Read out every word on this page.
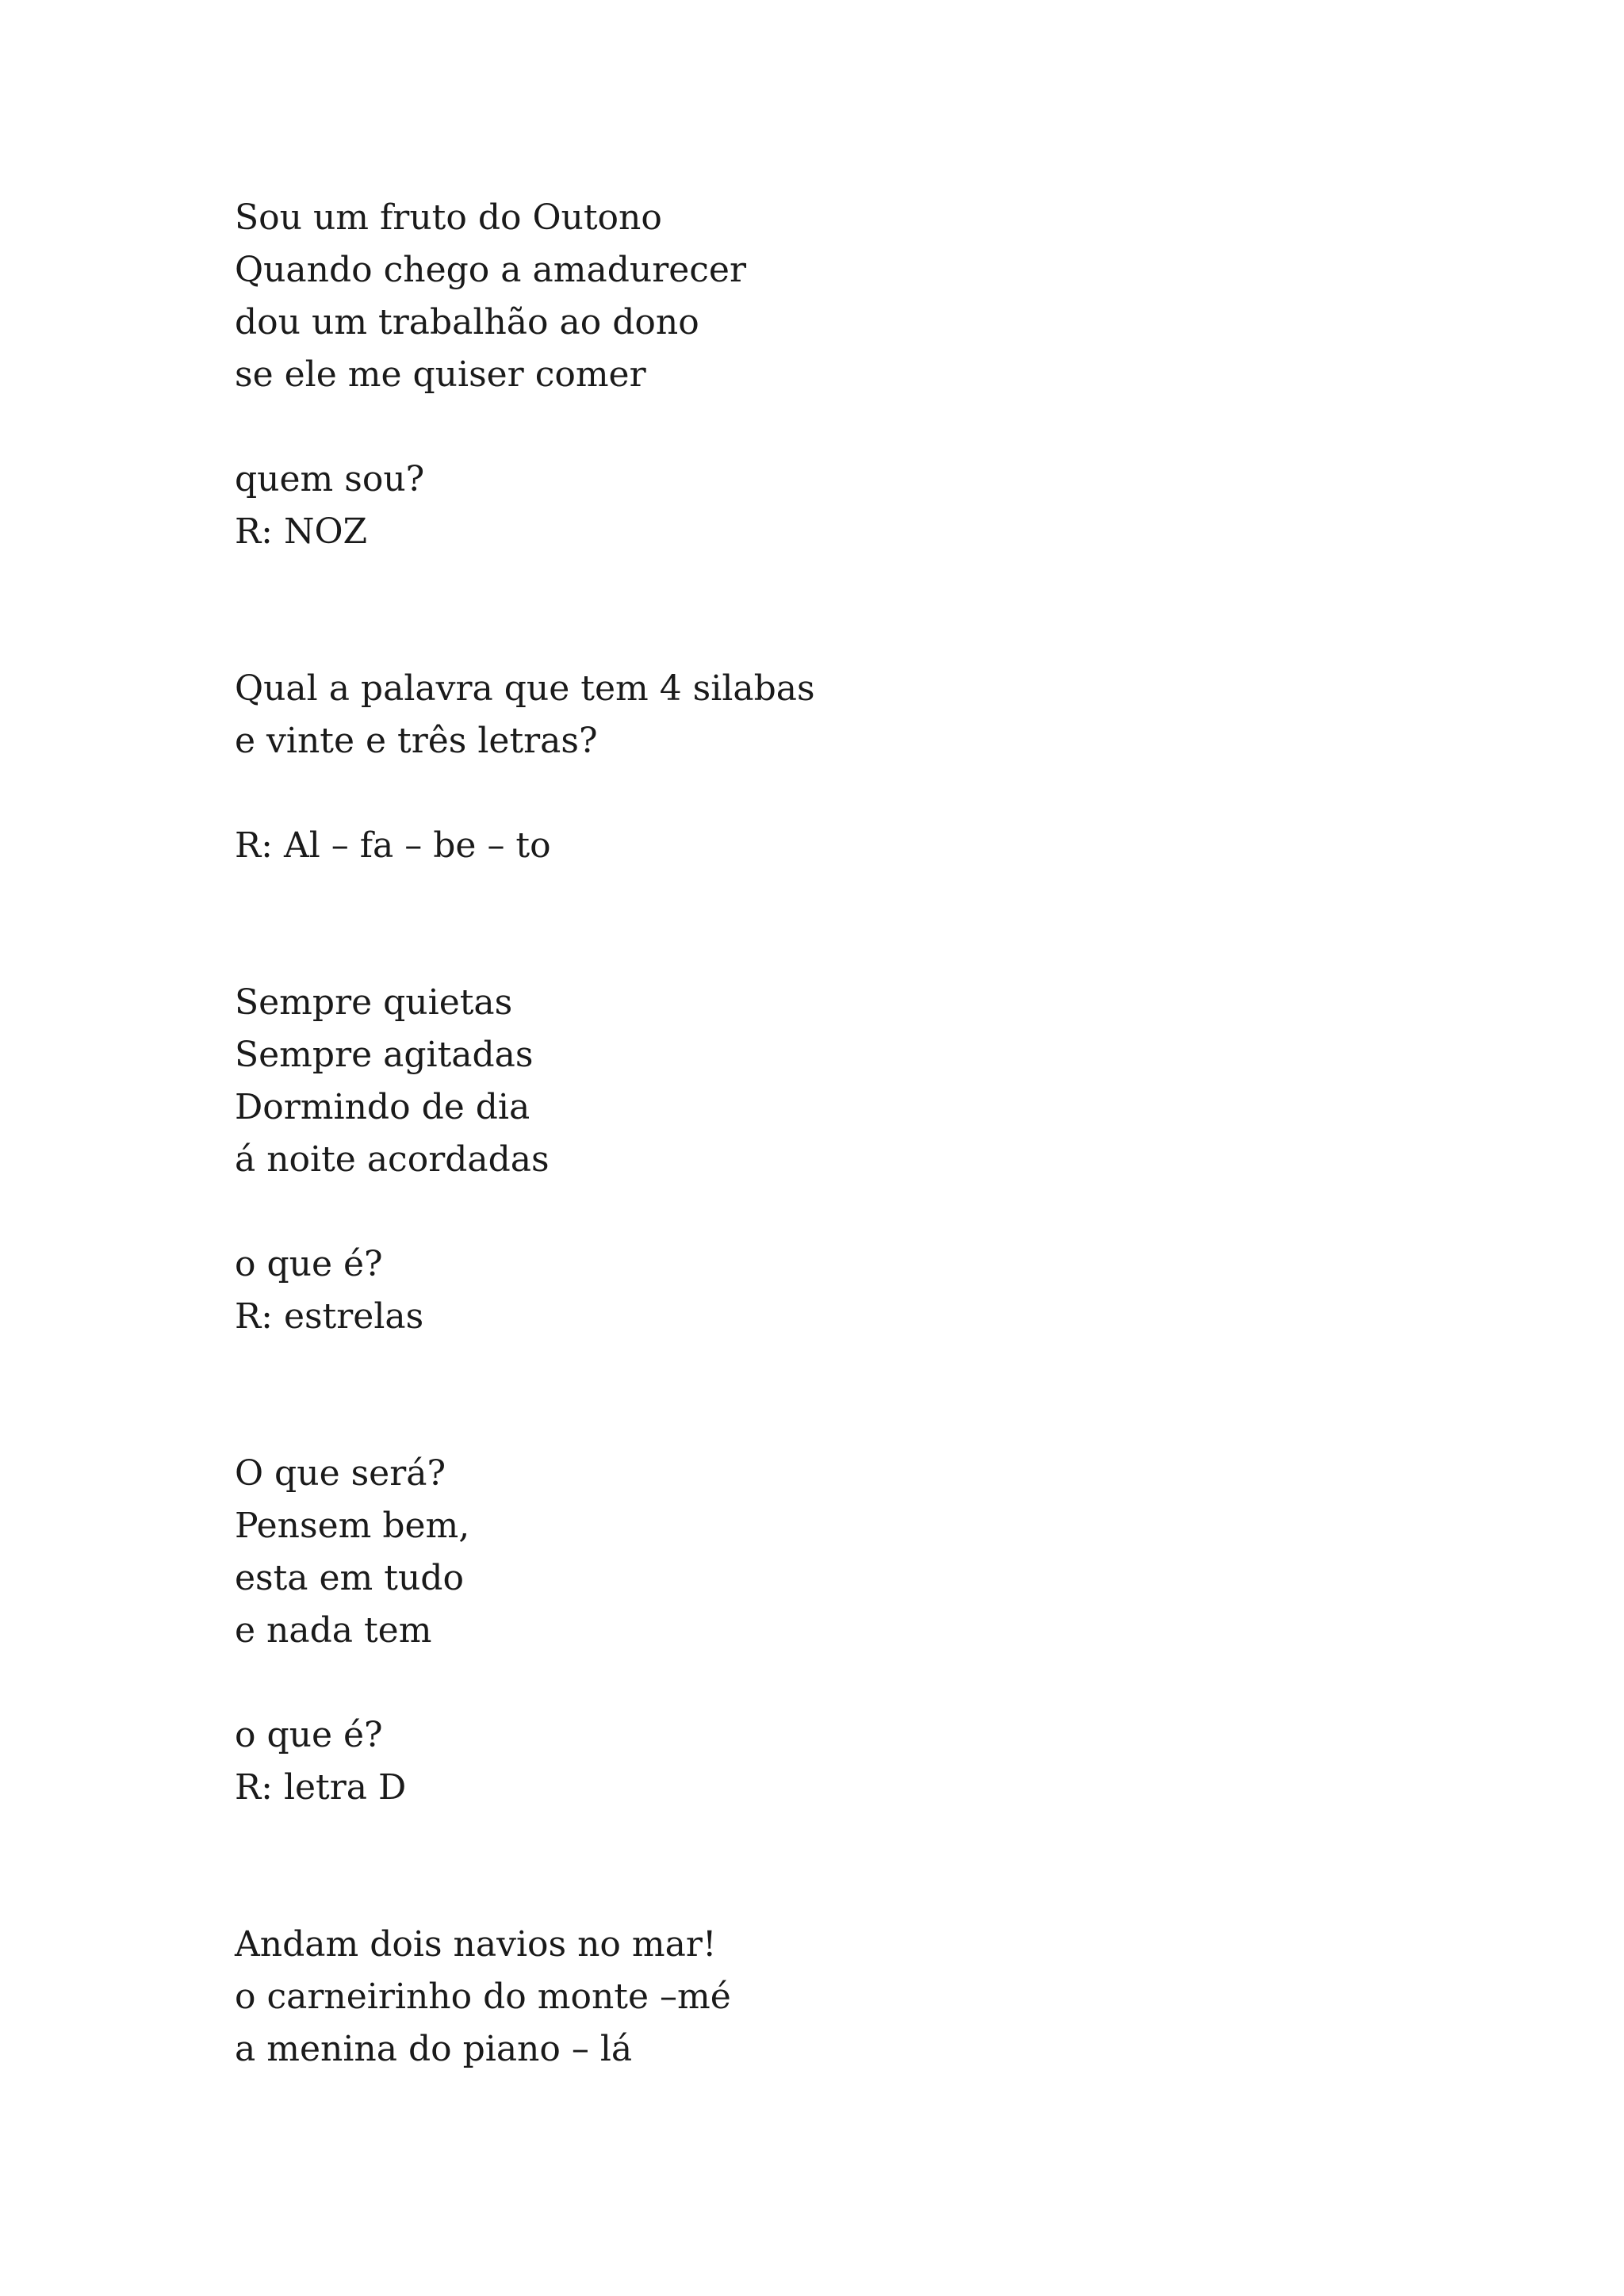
Sou um fruto do Outono
Quando chego a amadurecer
dou um trabalhão ao dono
se ele me quiser comer
quem sou?
R: NOZ
Qual a palavra que tem 4 silabas
e vinte e três letras?
R: Al – fa – be – to
Sempre quietas
Sempre agitadas
Dormindo de dia
á noite acordadas
o que é?
R: estrelas
O que será?
Pensem bem,
esta em tudo
e nada tem
o que é?
R: letra D
Andam dois navios no mar!
o carneirinho do monte –mé
a menina do piano – lá
